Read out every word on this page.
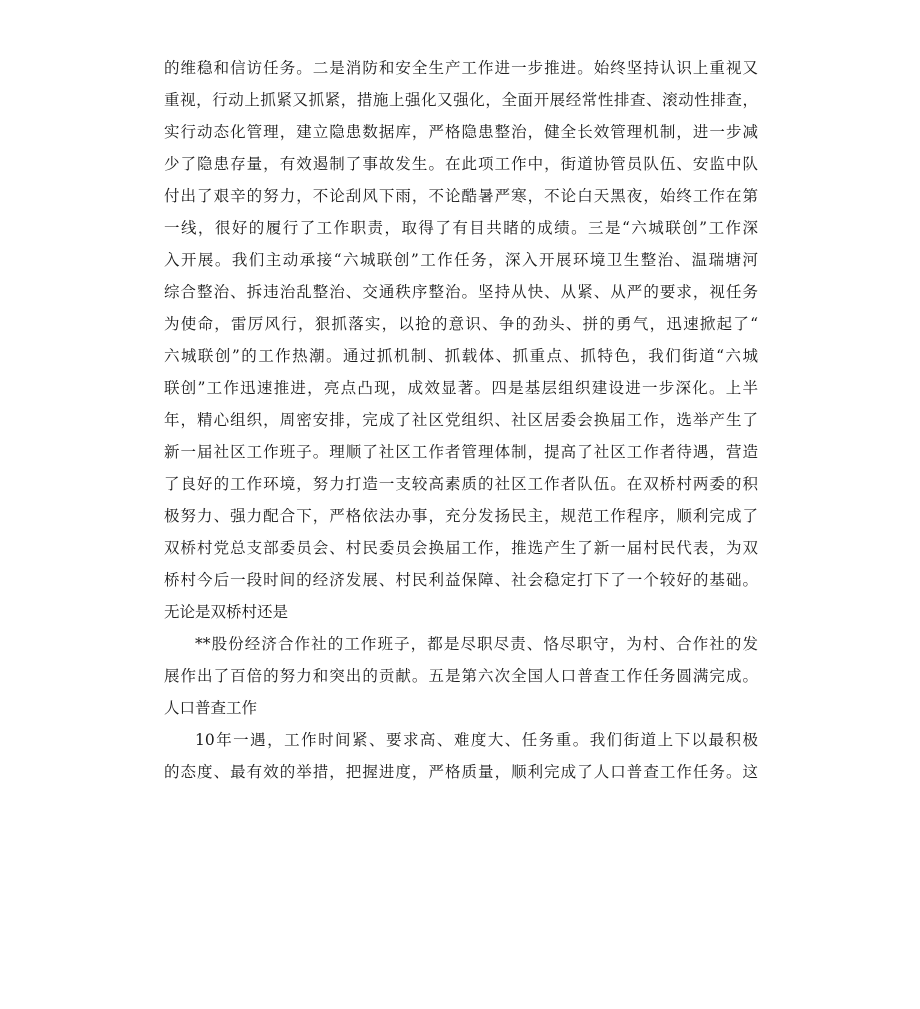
的维稳和信访任务。二是消防和安全生产工作进一步推进。始终坚持认识上重视又
重视，行动上抓紧又抓紧，措施上强化又强化，全面开展经常性排查、滚动性排查，
实行动态化管理，建立隐患数据库，严格隐患整治，健全长效管理机制，进一步减
少了隐患存量，有效遏制了事故发生。在此项工作中，街道协管员队伍、安监中队
付出了艰辛的努力，不论刮风下雨，不论酷暑严寒，不论白天黑夜，始终工作在第
一线，很好的履行了工作职责，取得了有目共睹的成绩。三是“六城联创”工作深
入开展。我们主动承接“六城联创”工作任务，深入开展环境卫生整治、温瑞塘河
综合整治、拆违治乱整治、交通秩序整治。坚持从快、从紧、从严的要求，视任务
为使命，雷厉风行，狠抓落实，以抢的意识、争的劲头、拼的勇气，迅速掀起了“
六城联创”的工作热潮。通过抓机制、抓载体、抓重点、抓特色，我们街道“六城
联创”工作迅速推进，亮点凸现，成效显著。四是基层组织建设进一步深化。上半
年，精心组织，周密安排，完成了社区党组织、社区居委会换届工作，选举产生了
新一届社区工作班子。理顺了社区工作者管理体制，提高了社区工作者待遇，营造
了良好的工作环境，努力打造一支较高素质的社区工作者队伍。在双桥村两委的积
极努力、强力配合下，严格依法办事，充分发扬民主，规范工作程序，顺利完成了
双桥村党总支部委员会、村民委员会换届工作，推选产生了新一届村民代表，为双
桥村今后一段时间的经济发展、村民利益保障、社会稳定打下了一个较好的基础。
无论是双桥村还是
**股份经济合作社的工作班子，都是尽职尽责、恪尽职守，为村、合作社的发
展作出了百倍的努力和突出的贡献。五是第六次全国人口普查工作任务圆满完成。
人口普查工作
10年一遇，工作时间紧、要求高、难度大、任务重。我们街道上下以最积极
的态度、最有效的举措，把握进度，严格质量，顺利完成了人口普查工作任务。这
